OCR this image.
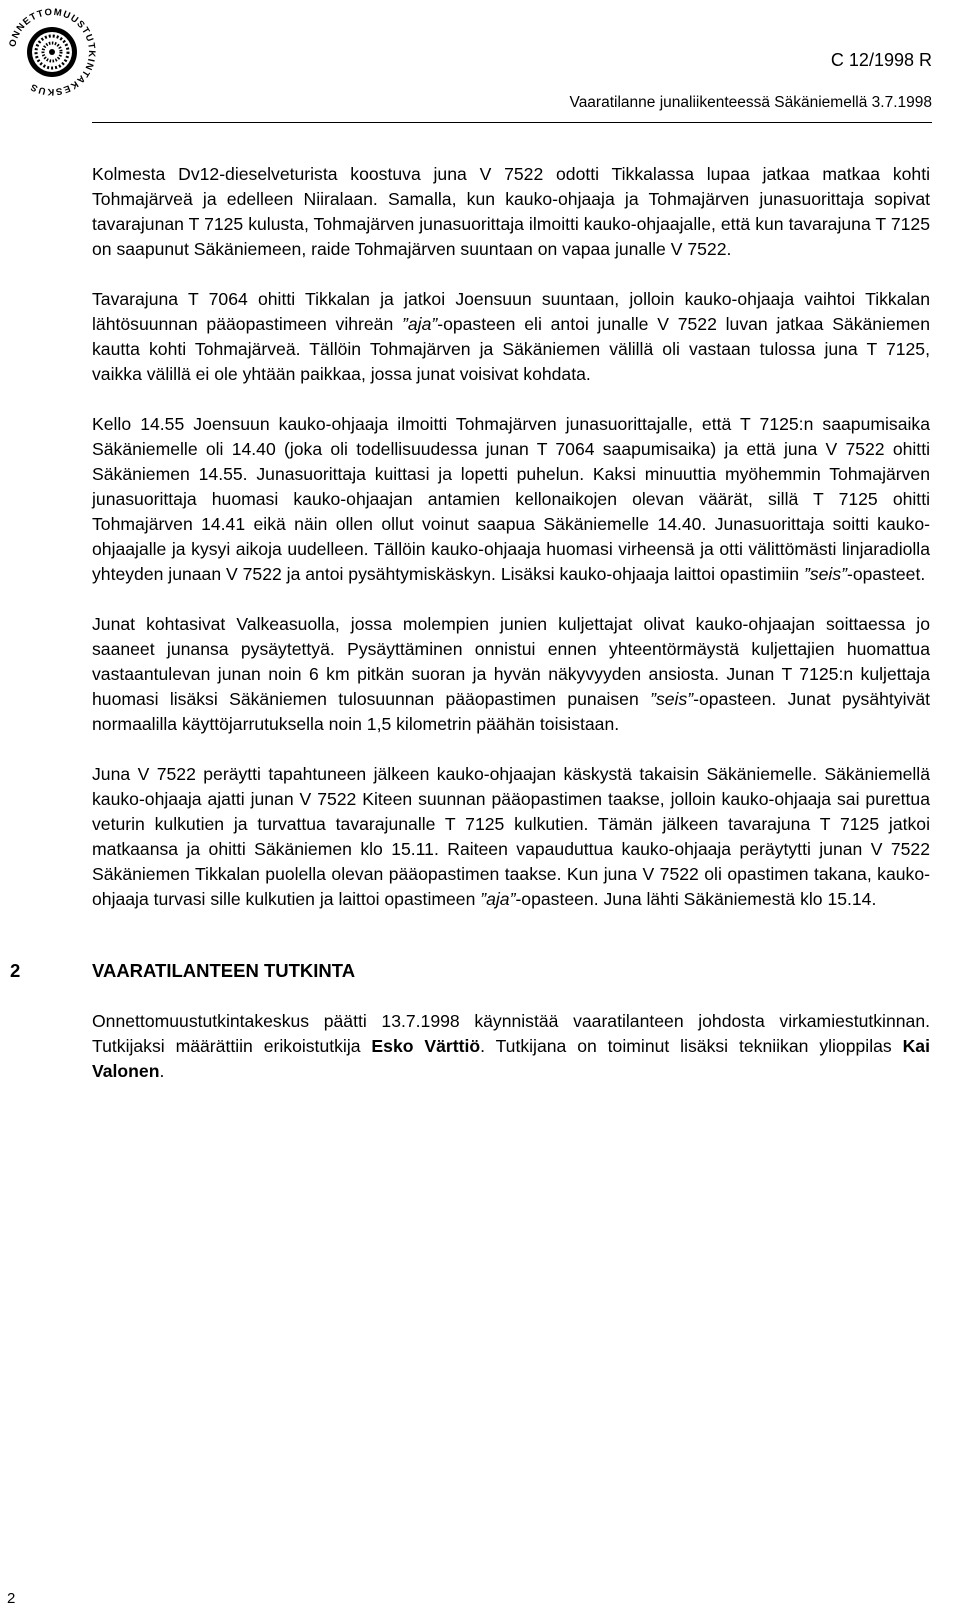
ONNETTOMUUSTUTKINTAKESKUS
C 12/1998 R
Vaaratilanne junaliikenteessä Säkäniemellä 3.7.1998

Kolmesta Dv12-dieselveturista koostuva juna V 7522 odotti Tikkalassa lupaa jatkaa matkaa kohti Tohmajärveä ja edelleen Niiralaan. Samalla, kun kauko-ohjaaja ja Tohmajärven junasuorittaja sopivat tavarajunan T 7125 kulusta, Tohmajärven junasuorittaja ilmoitti kauko-ohjaajalle, että kun tavarajuna T 7125 on saapunut Säkäniemeen, raide Tohmajärven suuntaan on vapaa junalle V 7522.

Tavarajuna T 7064 ohitti Tikkalan ja jatkoi Joensuun suuntaan, jolloin kauko-ohjaaja vaihtoi Tikkalan lähtösuunnan pääopastimeen vihreän ”aja”-opasteen eli antoi junalle V 7522 luvan jatkaa Säkäniemen kautta kohti Tohmajärveä. Tällöin Tohmajärven ja Säkäniemen välillä oli vastaan tulossa juna T 7125, vaikka välillä ei ole yhtään paikkaa, jossa junat voisivat kohdata.

Kello 14.55 Joensuun kauko-ohjaaja ilmoitti Tohmajärven junasuorittajalle, että T 7125:n saapumisaika Säkäniemelle oli 14.40 (joka oli todellisuudessa junan T 7064 saapumisaika) ja että juna V 7522 ohitti Säkäniemen 14.55. Junasuorittaja kuittasi ja lopetti puhelun. Kaksi minuuttia myöhemmin Tohmajärven junasuorittaja huomasi kauko-ohjaajan antamien kellonaikojen olevan väärät, sillä T 7125 ohitti Tohmajärven 14.41 eikä näin ollen ollut voinut saapua Säkäniemelle 14.40. Junasuorittaja soitti kauko-ohjaajalle ja kysyi aikoja uudelleen. Tällöin kauko-ohjaaja huomasi virheensä ja otti välittömästi linjaradiolla yhteyden junaan V 7522 ja antoi pysähtymiskäskyn. Lisäksi kauko-ohjaaja laittoi opastimiin ”seis”-opasteet.

Junat kohtasivat Valkeasuolla, jossa molempien junien kuljettajat olivat kauko-ohjaajan soittaessa jo saaneet junansa pysäytettyä. Pysäyttäminen onnistui ennen yhteentörmäystä kuljettajien huomattua vastaantulevan junan noin 6 km pitkän suoran ja hyvän näkyvyyden ansiosta. Junan T 7125:n kuljettaja huomasi lisäksi Säkäniemen tulosuunnan pääopastimen punaisen ”seis”-opasteen. Junat pysähtyivät normaalilla käyttöjarrutuksella noin 1,5 kilometrin päähän toisistaan.

Juna V 7522 peräytti tapahtuneen jälkeen kauko-ohjaajan käskystä takaisin Säkäniemelle. Säkäniemellä kauko-ohjaaja ajatti junan V 7522 Kiteen suunnan pääopastimen taakse, jolloin kauko-ohjaaja sai purettua veturin kulkutien ja turvattua tavarajunalle T 7125 kulkutien. Tämän jälkeen tavarajuna T 7125 jatkoi matkaansa ja ohitti Säkäniemen klo 15.11. Raiteen vapauduttua kauko-ohjaaja peräytytti junan V 7522 Säkäniemen Tikkalan puolella olevan pääopastimen taakse. Kun juna V 7522 oli opastimen takana, kauko-ohjaaja turvasi sille kulkutien ja laittoi opastimeen ”aja”-opasteen. Juna lähti Säkäniemestä klo 15.14.

2	VAARATILANTEEN TUTKINTA

Onnettomuustutkintakeskus päätti 13.7.1998 käynnistää vaaratilanteen johdosta virkamiestutkinnan. Tutkijaksi määrättiin erikoistutkija Esko Värttiö. Tutkijana on toiminut lisäksi tekniikan ylioppilas Kai Valonen.

2
